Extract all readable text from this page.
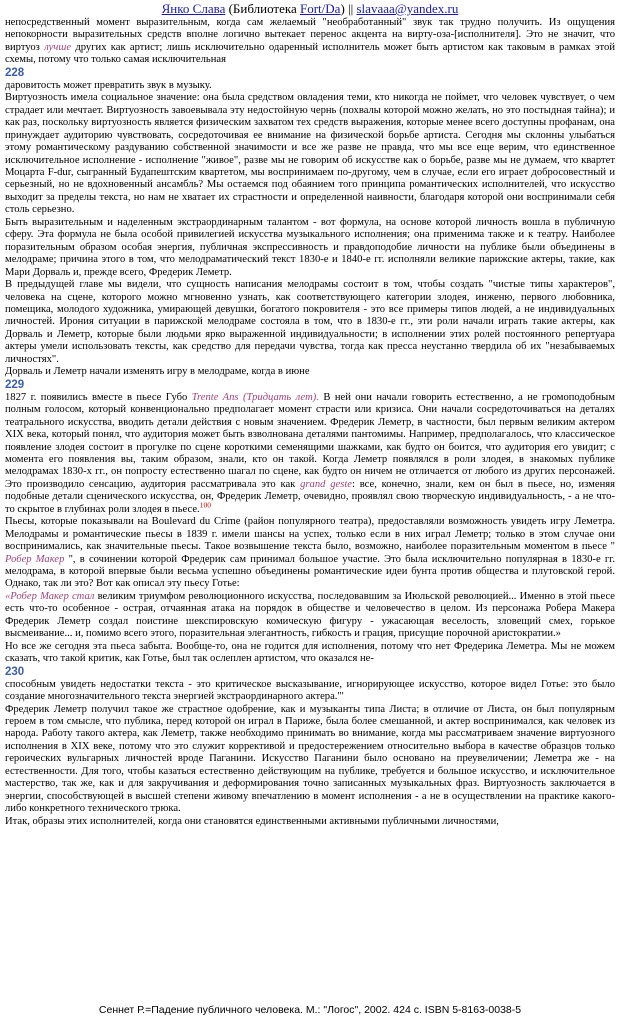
Янко Слава (Библиотека Fort/Da) || slavaaa@yandex.ru

непосредственный момент выразительным, когда сам желаемый "необработанный" звук так трудно получить. Из ощущения непокорности выразительных средств вполне логично вытекает перенос акцента на вирту-оза-[исполнителя]. Это не значит, что виртуоз лучше других как артист; лишь исключительно одаренный исполнитель может быть артистом как таковым в рамках этой схемы, потому что только самая исключительная

228

даровитость может превратить звук в музыку.

Виртуозность имела социальное значение: она была средством овладения теми, кто никогда не поймет, что человек чувствует, о чем страдает или мечтает. Виртуозность завоевывала эту недостойную чернь (похвалы которой можно желать, но это постыдная тайна); и как раз, поскольку виртуозность является физическим захватом тех средств выражения, которые менее всего доступны профанам, она принуждает аудиторию чувствовать, сосредоточивая ее внимание на физической борьбе артиста. Сегодня мы склонны улыбаться этому романтическому раздуванию собственной значимости и все же разве не правда, что мы все еще верим, что единственное исключительное исполнение - исполнение "живое", разве мы не говорим об искусстве как о борьбе, разве мы не думаем, что квартет Моцарта F-dur, сыгранный Будапештским квартетом, мы воспринимаем по-другому, чем в случае, если его играет добросовестный и серьезный, но не вдохновенный ансамбль? Мы остаемся под обаянием того принципа романтических исполнителей, что искусство выходит за пределы текста, но нам не хватает их страстности и определенной наивности, благодаря которой они воспринимали себя столь серьезно.

Быть выразительным и наделенным экстраординарным талантом - вот формула, на основе которой личность вошла в публичную сферу. Эта формула не была особой привилегией искусства музыкального исполнения; она применима также и к театру. Наиболее поразительным образом особая энергия, публичная экспрессивность и правдоподобие личности на публике были объединены в мелодраме; причина этого в том, что мелодраматический текст 1830-е и 1840-е гг. исполняли великие парижские актеры, такие, как Мари Дорваль и, прежде всего, Фредерик Леметр.

В предыдущей главе мы видели, что сущность написания мелодрамы состоит в том, чтобы создать "чистые типы характеров", человека на сцене, которого можно мгновенно узнать, как соответствующего категории злодея, инженю, первого любовника, помещика, молодого художника, умирающей девушки, богатого покровителя - это все примеры типов людей, а не индивидуальных личностей. Ирония ситуации в парижской мелодраме состояла в том, что в 1830-е гг., эти роли начали играть такие актеры, как Дорваль и Леметр, которые были людьми ярко выраженной индивидуальности; в исполнении этих ролей постоянного репертуара актеры умели использовать тексты, как средство для передачи чувства, тогда как пресса неустанно твердила об их "незабываемых личностях".

Дорваль и Леметр начали изменять игру в мелодраме, когда в июне

229

1827 г. появились вместе в пьесе Губо Trente Ans (Тридцать лет). В ней они начали говорить естественно, а не громоподобным полным голосом, который конвенционально предполагает момент страсти или кризиса. Они начали сосредоточиваться на деталях театрального искусства, вводить детали действия с новым значением. Фредерик Леметр, в частности, был первым великим актером XIX века, который понял, что аудитория может быть взволнована деталями пантомимы. Например, предполагалось, что классическое появление злодея состоит в прогулке по сцене короткими семенящими шажками, как будто он боится, что аудитория его увидит; с момента его появления вы, таким образом, знали, кто он такой. Когда Леметр появлялся в роли злодея, в знакомых публике мелодрамах 1830-х гг., он попросту естественно шагал по сцене, как будто он ничем не отличается от любого из других персонажей. Это производило сенсацию, аудитория рассматривала это как grand geste: все, конечно, знали, кем он был в пьесе, но, изменяя подобные детали сценического искусства, он, Фредерик Леметр, очевидно, проявлял свою творческую индивидуальность, - а не что-то скрытое в глубинах роли злодея в пьесе.$^{100}$

Пьесы, которые показывали на Boulevard du Crime (район популярного театра), предоставляли возможность увидеть игру Леметра. Мелодрамы и романтические пьесы в 1839 г. имели шансы на успех, только если в них играл Леметр; только в этом случае они воспринимались, как значительные пьесы. Такое возвышение текста было, возможно, наиболее поразительным моментом в пьесе " Робер Макер ", в сочинении которой Фредерик сам принимал большое участие. Это была исключительно популярная в 1830-е гг. мелодрама, в которой впервые были весьма успешно объединены романтические идеи бунта против общества и плутовской герой. Однако, так ли это? Вот как описал эту пьесу Готье:

«Робер Макер стал великим триумфом революционного искусства, последовавшим за Июльской революцией... Именно в этой пьесе есть что-то особенное - острая, отчаянная атака на порядок в обществе и человечество в целом. Из персонажа Робера Макера Фредерик Леметр создал поистине шекспировскую комическую фигуру - ужасающая веселость, зловещий смех, горькое высмеивание... и, помимо всего этого, поразительная элегантность, гибкость и грация, присущие порочной аристократии.»

Но все же сегодня эта пьеса забыта. Вообще-то, она не годится для исполнения, потому что нет Фредерика Леметра. Мы не можем сказать, что такой критик, как Готье, был так ослеплен артистом, что оказался не-

230

способным увидеть недостатки текста - это критическое высказывание, игнорирующее искусство, которое видел Готье: это было создание многозначительного текста энергией экстраординарного актера."'

Фредерик Леметр получил такое же страстное одобрение, как и музыканты типа Листа; в отличие от Листа, он был популярным героем в том смысле, что публика, перед которой он играл в Париже, была более смешанной, и актер воспринимался, как человек из народа. Работу такого актера, как Леметр, также необходимо принимать во внимание, когда мы рассматриваем значение виртуозного исполнения в XIX веке, потому что это служит коррективой и предостережением относительно выбора в качестве образцов только героических вульгарных личностей вроде Паганини. Искусство Паганини было основано на преувеличении; Леметра же - на естественности. Для того, чтобы казаться естественно действующим на публике, требуется и большое искусство, и исключительное мастерство, так же, как и для закручивания и деформирования точно записанных музыкальных фраз. Виртуозность заключается в энергии, способствующей в высшей степени живому впечатлению в момент исполнения - а не в осуществлении на практике какого-либо конкретного технического трюка.

Итак, образы этих исполнителей, когда они становятся единственными активными публичными личностями,

Сеннет Р.=Падение публичного человека. М.: "Логос", 2002. 424 с. ISBN 5-8163-0038-5
